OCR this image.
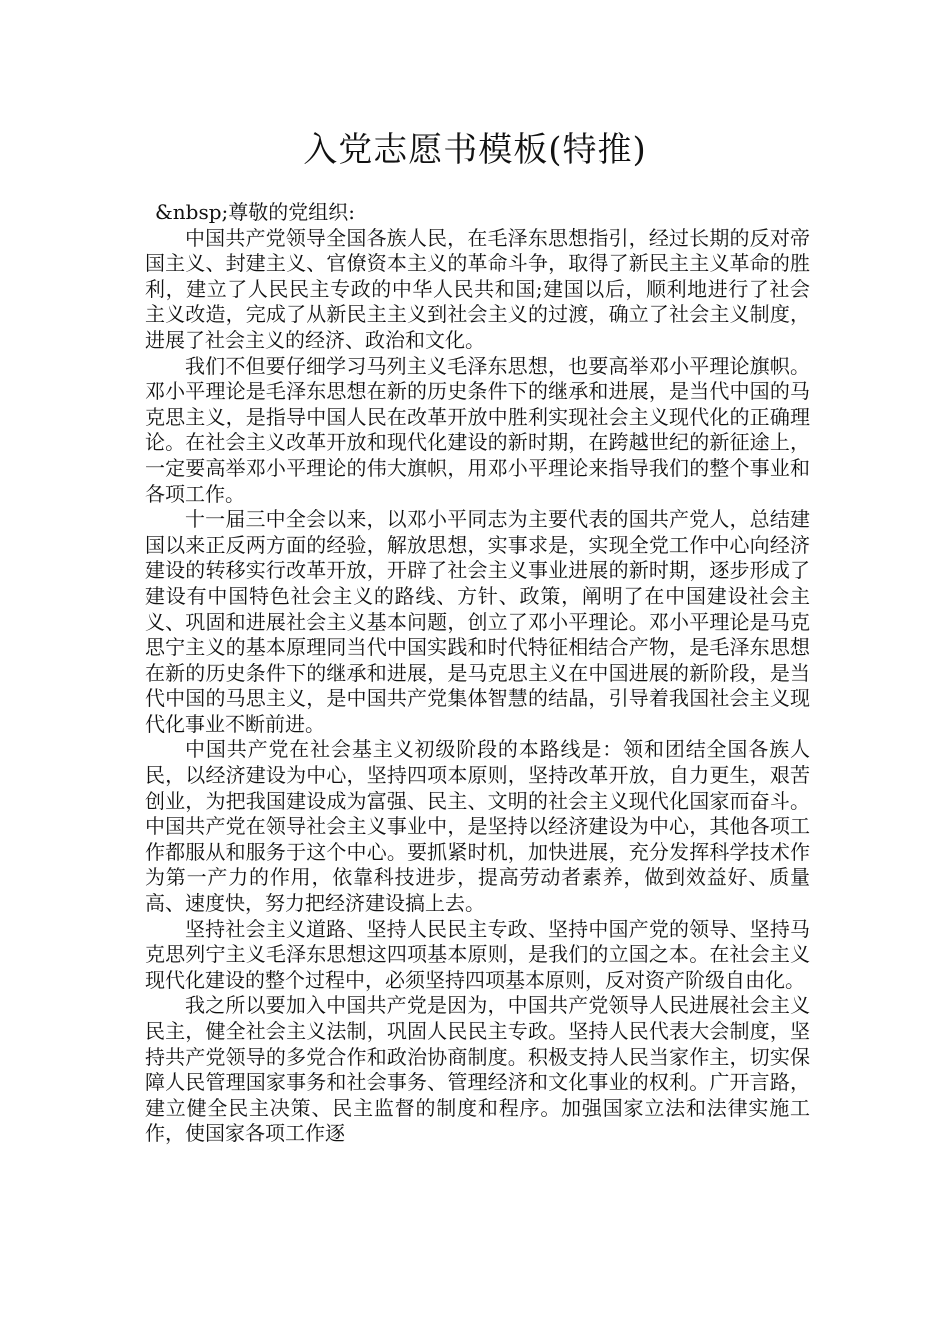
入党志愿书模板(特推)

&nbsp;尊敬的党组织:

中国共产党领导全国各族人民，在毛泽东思想指引，经过长期的反对帝国主义、封建主义、官僚资本主义的革命斗争，取得了新民主主义革命的胜利，建立了人民民主专政的中华人民共和国;建国以后，顺利地进行了社会主义改造，完成了从新民主主义到社会主义的过渡，确立了社会主义制度，进展了社会主义的经济、政治和文化。

我们不但要仔细学习马列主义毛泽东思想，也要高举邓小平理论旗帜。邓小平理论是毛泽东思想在新的历史条件下的继承和进展，是当代中国的马克思主义，是指导中国人民在改革开放中胜利实现社会主义现代化的正确理论。在社会主义改革开放和现代化建设的新时期，在跨越世纪的新征途上，一定要高举邓小平理论的伟大旗帜，用邓小平理论来指导我们的整个事业和各项工作。

十一届三中全会以来，以邓小平同志为主要代表的国共产党人，总结建国以来正反两方面的经验，解放思想，实事求是，实现全党工作中心向经济建设的转移实行改革开放，开辟了社会主义事业进展的新时期，逐步形成了建设有中国特色社会主义的路线、方针、政策，阐明了在中国建设社会主义、巩固和进展社会主义基本问题，创立了邓小平理论。邓小平理论是马克思宁主义的基本原理同当代中国实践和时代特征相结合产物，是毛泽东思想在新的历史条件下的继承和进展，是马克思主义在中国进展的新阶段，是当代中国的马思主义，是中国共产党集体智慧的结晶，引导着我国社会主义现代化事业不断前进。

中国共产党在社会基主义初级阶段的本路线是：领和团结全国各族人民，以经济建设为中心，坚持四项本原则，坚持改革开放，自力更生，艰苦创业，为把我国建设成为富强、民主、文明的社会主义现代化国家而奋斗。中国共产党在领导社会主义事业中，是坚持以经济建设为中心，其他各项工作都服从和服务于这个中心。要抓紧时机，加快进展，充分发挥科学技术作为第一产力的作用，依靠科技进步，提高劳动者素养，做到效益好、质量高、速度快，努力把经济建设搞上去。

坚持社会主义道路、坚持人民民主专政、坚持中国产党的领导、坚持马克思列宁主义毛泽东思想这四项基本原则，是我们的立国之本。在社会主义现代化建设的整个过程中，必须坚持四项基本原则，反对资产阶级自由化。

我之所以要加入中国共产党是因为，中国共产党领导人民进展社会主义民主，健全社会主义法制，巩固人民民主专政。坚持人民代表大会制度，坚持共产党领导的多党合作和政治协商制度。积极支持人民当家作主，切实保障人民管理国家事务和社会事务、管理经济和文化事业的权利。广开言路，建立健全民主决策、民主监督的制度和程序。加强国家立法和法律实施工作，使国家各项工作逐
